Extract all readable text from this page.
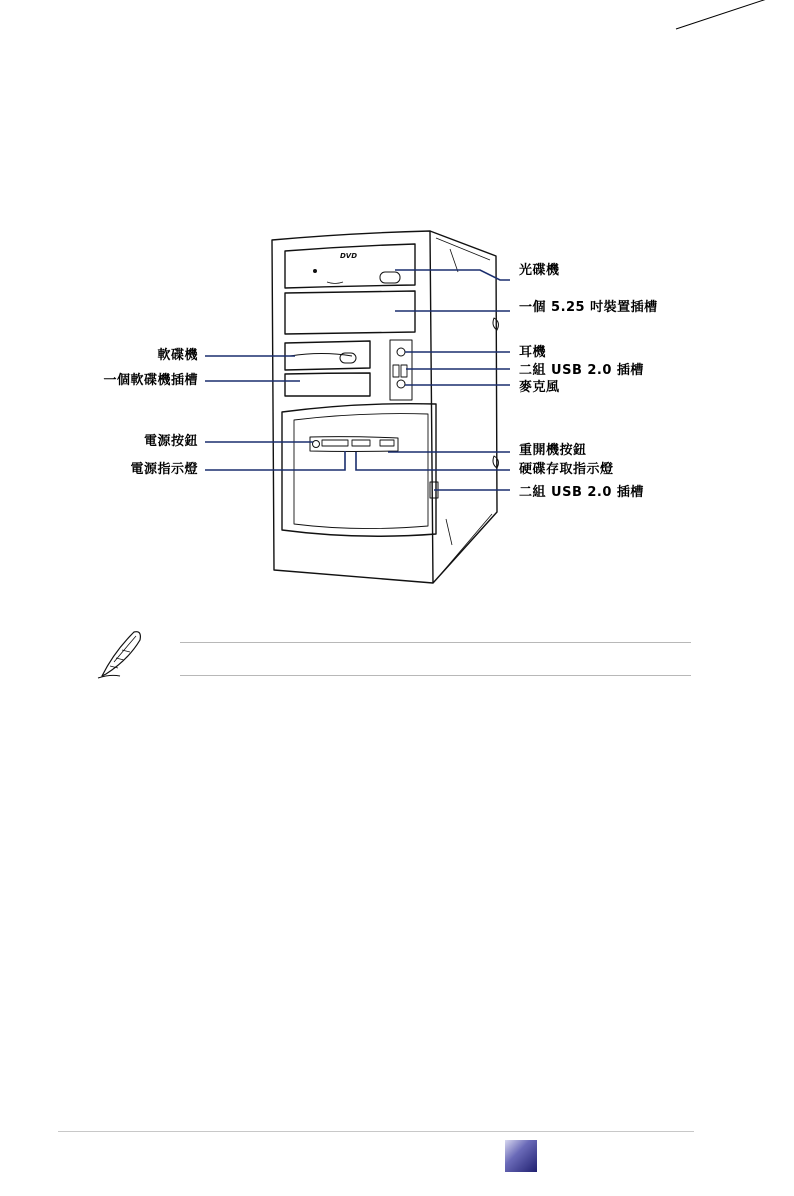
DVD
光碟機
一個 5.25 吋裝置插槽
耳機
二組 USB 2.0 插槽
麥克風
重開機按鈕
硬碟存取指示燈
二組 USB 2.0 插槽
軟碟機
一個軟碟機插槽
電源按鈕
電源指示燈
